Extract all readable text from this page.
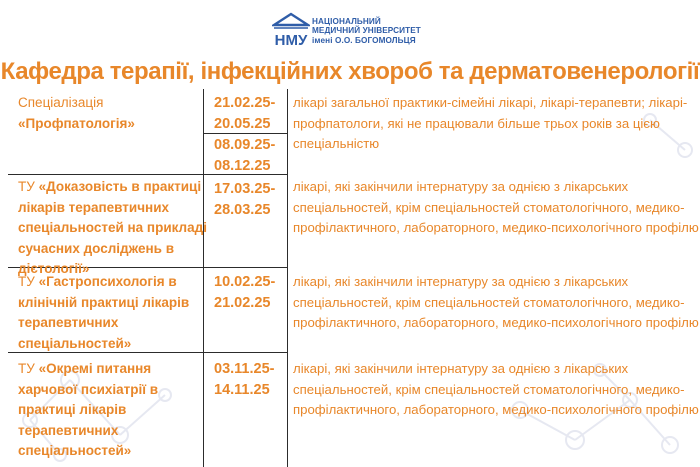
НМУ
НАЦІОНАЛЬНИЙ
МЕДИЧНИЙ УНІВЕРСИТЕТ
імені О.О. БОГОМОЛЬЦЯ
Кафедра терапії, інфекційних хвороб та дерматовенерології
Спеціалізація
«Профпатологія»
21.02.25-
20.05.25
08.09.25-
08.12.25
лікарі загальної практики-сімейні лікарі, лікарі-терапевти; лікарі-профпатологи, які не працювали більше трьох років за цією спеціальністю
ТУ «Доказовість в практиці лікарів терапевтичних спеціальностей на прикладі сучасних досліджень в дієтології»
17.03.25-
28.03.25
лікарі, які закінчили інтернатуру за однією з лікарських спеціальностей, крім спеціальностей стоматологічного, медико-профілактичного, лабораторного, медико-психологічного профілю
ТУ «Гастропсихологія в клінічній практиці лікарів терапевтичних спеціальностей»
10.02.25-
21.02.25
лікарі, які закінчили інтернатуру за однією з лікарських спеціальностей, крім спеціальностей стоматологічного, медико-профілактичного, лабораторного, медико-психологічного профілю
ТУ «Окремі питання харчової психіатрії в практиці лікарів терапевтичних спеціальностей»
03.11.25-
14.11.25
лікарі, які закінчили інтернатуру за однією з лікарських спеціальностей, крім спеціальностей стоматологічного, медико-профілактичного, лабораторного, медико-психологічного профілю
